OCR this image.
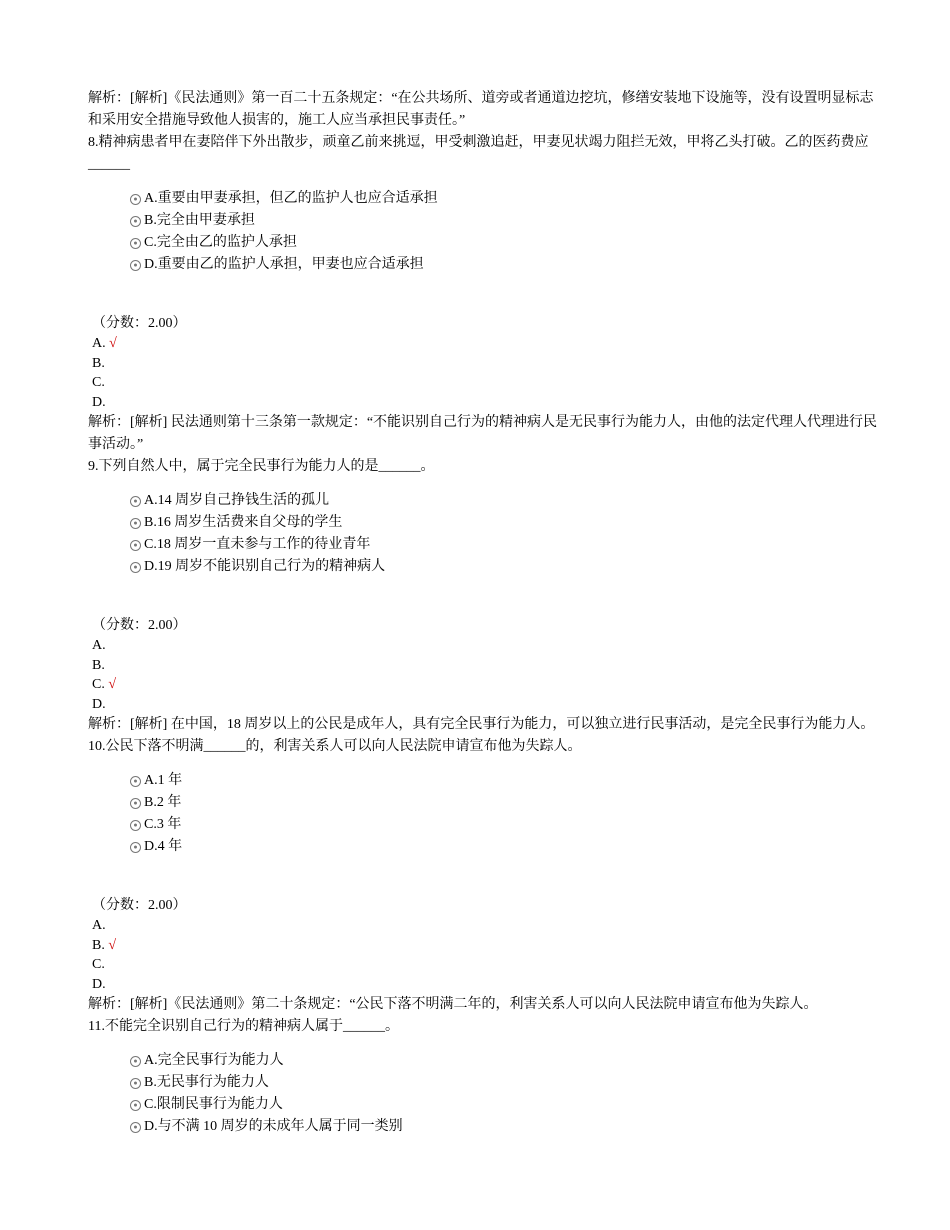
解析：[解析]《民法通则》第一百二十五条规定：“在公共场所、道旁或者通道边挖坑，修缮安装地下设施等，没有设置明显标志和采用安全措施导致他人损害的，施工人应当承担民事责任。”

8.精神病患者甲在妻陪伴下外出散步，顽童乙前来挑逗，甲受刺激追赶，甲妻见状竭力阻拦无效，甲将乙头打破。乙的医药费应______

● A.重要由甲妻承担，但乙的监护人也应合适承担
● B.完全由甲妻承担
● C.完全由乙的监护人承担
● D.重要由乙的监护人承担，甲妻也应合适承担
（分数：2.00）
A. √
B.
C.
D.

解析：[解析] 民法通则第十三条第一款规定：“不能识别自己行为的精神病人是无民事行为能力人，由他的法定代理人代理进行民事活动。”

9.下列自然人中，属于完全民事行为能力人的是______。

● A.14 周岁自己挣钱生活的孤儿
● B.16 周岁生活费来自父母的学生
● C.18 周岁一直未参与工作的待业青年
● D.19 周岁不能识别自己行为的精神病人
（分数：2.00）
A.
B.
C. √
D.

解析：[解析] 在中国，18 周岁以上的公民是成年人，具有完全民事行为能力，可以独立进行民事活动，是完全民事行为能力人。

10.公民下落不明满______的，利害关系人可以向人民法院申请宣布他为失踪人。

● A.1 年
● B.2 年
● C.3 年
● D.4 年
（分数：2.00）
A.
B. √
C.
D.

解析：[解析]《民法通则》第二十条规定：“公民下落不明满二年的，利害关系人可以向人民法院申请宣布他为失踪人。

11.不能完全识别自己行为的精神病人属于______。

● A.完全民事行为能力人
● B.无民事行为能力人
● C.限制民事行为能力人
● D.与不满 10 周岁的未成年人属于同一类别
